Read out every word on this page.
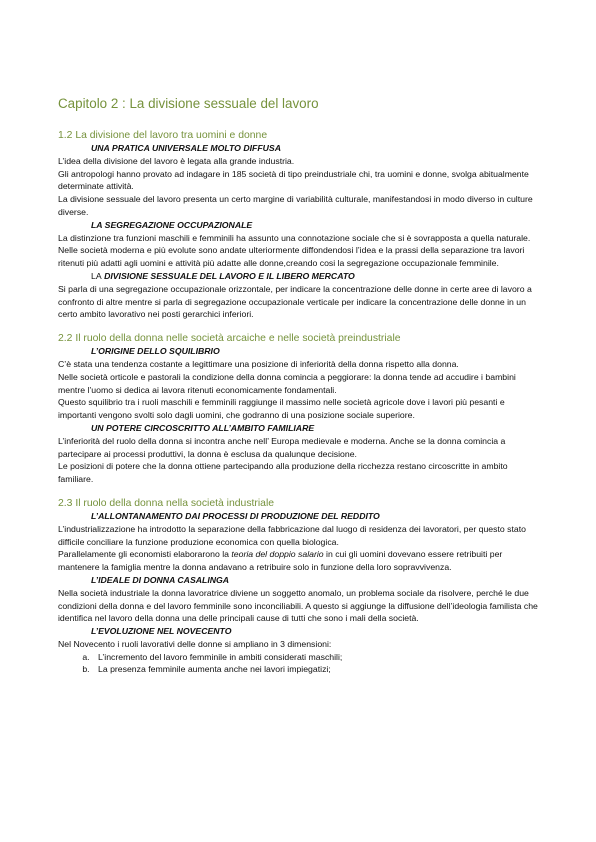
Capitolo 2 : La divisione sessuale del lavoro
1.2 La divisione del lavoro tra uomini e donne
UNA PRATICA UNIVERSALE MOLTO DIFFUSA

L’idea della divisione del lavoro è legata alla grande industria.

Gli antropologi hanno provato ad indagare in 185 società di tipo preindustriale chi, tra uomini e donne, svolga abitualmente determinate attività.

La divisione sessuale del lavoro presenta un certo margine di variabilità culturale, manifestandosi in modo diverso in culture diverse.

LA SEGREGAZIONE OCCUPAZIONALE

La distinzione tra funzioni maschili e femminili ha assunto una connotazione sociale che si è sovrapposta a quella naturale.

Nelle società moderna e più evolute sono andate ulteriormente diffondendosi l’idea e la prassi della separazione tra lavori ritenuti più adatti agli uomini e attività più adatte alle donne,creando cosi la segregazione occupazionale femminile.

LA DIVISIONE SESSUALE DEL LAVORO E IL LIBERO MERCATO

Si parla di una segregazione occupazionale orizzontale, per indicare la concentrazione delle donne in certe aree di lavoro a confronto di altre mentre si parla di segregazione occupazionale verticale per indicare la concentrazione delle donne in un certo ambito lavorativo nei posti gerarchici inferiori.

2.2 Il ruolo della donna nelle società arcaiche e nelle società preindustriale
L’ORIGINE DELLO SQUILIBRIO

C’è stata una tendenza costante a legittimare una posizione di inferiorità della donna rispetto alla donna.

Nelle società orticole e pastorali la condizione della donna comincia a peggiorare: la donna tende ad accudire i bambini mentre l’uomo si dedica ai lavora ritenuti economicamente fondamentali.

Questo squilibrio tra i ruoli maschili e femminili raggiunge il massimo nelle società agricole dove i lavori più pesanti e importanti vengono svolti solo dagli uomini, che godranno di una posizione sociale superiore.

UN POTERE CIRCOSCRITTO ALL’AMBITO FAMILIARE

L’inferiorità del ruolo della donna si incontra anche nell’ Europa medievale e moderna. Anche se la donna comincia a partecipare ai processi produttivi, la donna è esclusa da qualunque decisione.

Le posizioni di potere che la donna ottiene partecipando alla produzione della ricchezza restano circoscritte in ambito familiare.

2.3 Il ruolo della donna nella società industriale
L’ALLONTANAMENTO DAI PROCESSI DI PRODUZIONE DEL REDDITO

L’industrializzazione ha introdotto la separazione della fabbricazione dal luogo di residenza dei lavoratori, per questo stato difficile conciliare la funzione produzione economica con quella biologica.

Parallelamente gli economisti elaborarono la teoria del doppio salario in cui gli uomini dovevano essere retribuiti per mantenere la famiglia mentre la donna andavano a retribuire solo in funzione della loro sopravvivenza.

L’IDEALE DI DONNA CASALINGA

Nella società industriale la donna lavoratrice diviene un soggetto anomalo, un problema sociale da risolvere, perché le due condizioni della donna e del lavoro femminile sono inconciliabili. A questo si aggiunge la diffusione dell’ideologia familista che identifica nel lavoro della donna una delle principali cause di tutti che sono i mali della società.

L’EVOLUZIONE NEL NOVECENTO

Nel Novecento i ruoli lavorativi delle donne si ampliano in 3 dimensioni:

a. L’incremento del lavoro femminile in ambiti considerati maschili;
b. La presenza femminile aumenta anche nei lavori impiegatizi;
